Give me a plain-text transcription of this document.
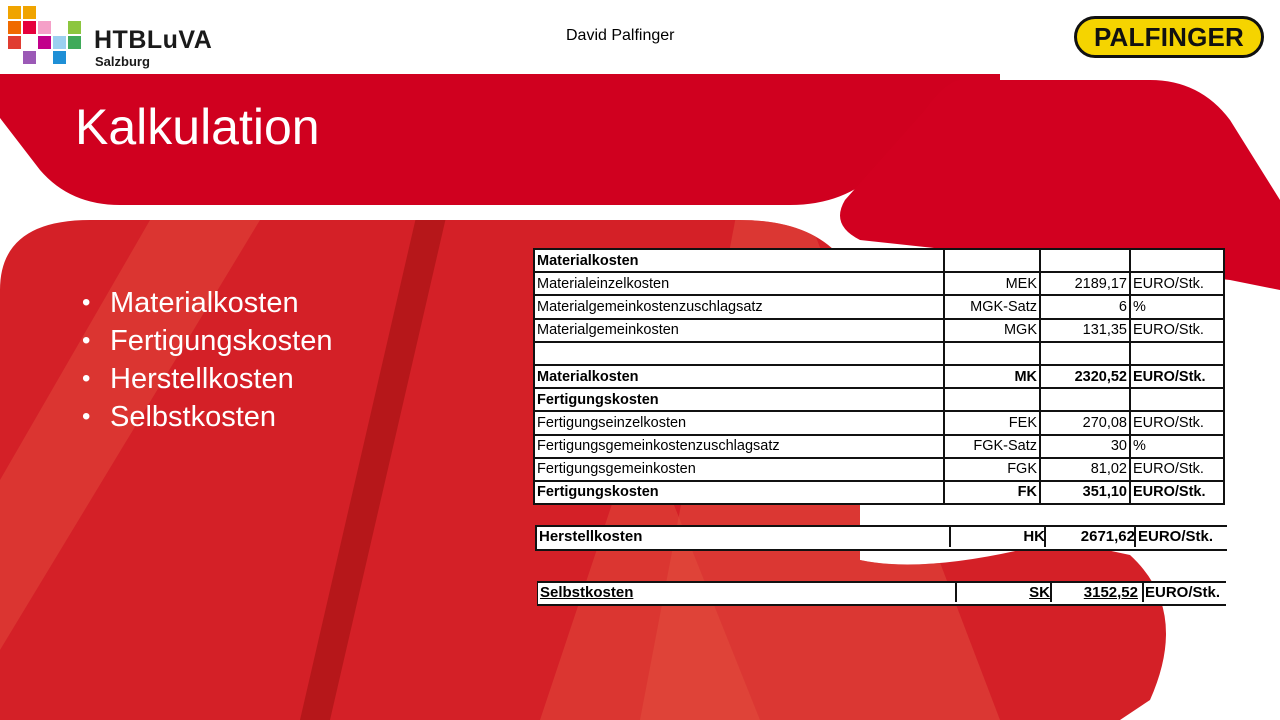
HTBLuVA
Salzburg
David Palfinger	PALFINGER
Kalkulation
• Materialkosten
• Fertigungskosten
• Herstellkosten
• Selbstkosten
Materialkosten			
Materialeinzelkosten	MEK	2189,17	EURO/Stk.
Materialgemeinkostenzuschlagsatz	MGK-Satz	6	%
Materialgemeinkosten	MGK	131,35	EURO/Stk.

Materialkosten	MK	2320,52	EURO/Stk.
Fertigungskosten			
Fertigungseinzelkosten	FEK	270,08	EURO/Stk.
Fertigungsgemeinkostenzuschlagsatz	FGK-Satz	30	%
Fertigungsgemeinkosten	FGK	81,02	EURO/Stk.
Fertigungskosten	FK	351,10	EURO/Stk.
Herstellkosten	HK 2671,62 EURO/Stk.
Selbstkosten	SK 3152,52 EURO/Stk.
